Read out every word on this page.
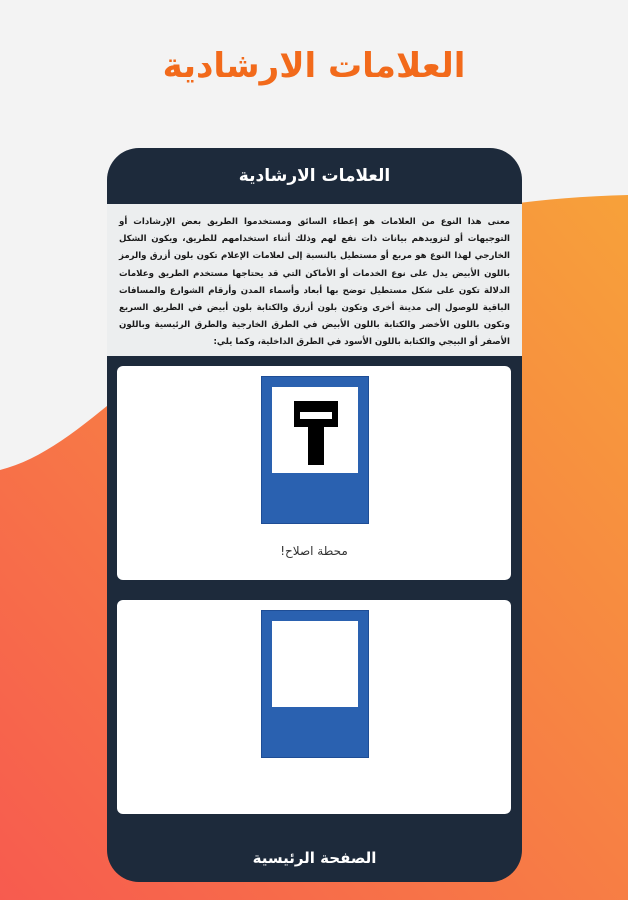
العلامات الارشادية
العلامات الارشادية

معنى هذا النوع من العلامات هو إعطاء السائق ومستخدموا الطريق بعض الإرشادات أو التوجيهات أو لتزويدهم بيانات ذات نفع لهم وذلك أثناء استخدامهم للطريق، ويكون الشكل الخارجي لهذا النوع هو مربع أو مستطيل بالنسبة إلى لعلامات الإعلام تكون بلون أزرق والرمز باللون الأبيض يدل على نوع الخدمات أو الأماكن التي قد يحتاجها مستخدم الطريق وعلامات الدلالة تكون على شكل مستطيل توضح بها أبعاد وأسماء المدن وأرقام الشوارع والمسافات الباقية للوصول إلى مدينة أخرى وتكون بلون أزرق والكتابة بلون أبيض في الطريق السريع وتكون باللون الأخضر والكتابة باللون الأبيض في الطرق الخارجية والطرق الرئيسية وباللون الأصفر أو البيجي والكتابة باللون الأسود في الطرق الداخلية، وكما يلي:

محطة اصلاح!
الصفحة الرئيسية
